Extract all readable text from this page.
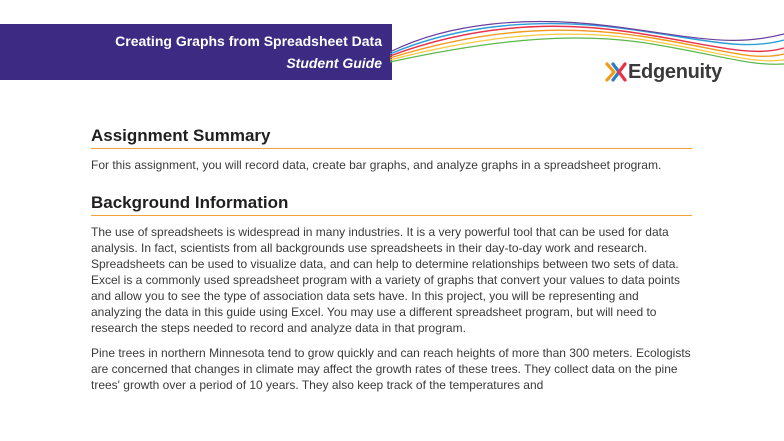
Creating Graphs from Spreadsheet Data
Student Guide	Edgenuity
Assignment Summary

For this assignment, you will record data, create bar graphs, and analyze graphs in a spreadsheet program.

Background Information

The use of spreadsheets is widespread in many industries. It is a very powerful tool that can be used for data analysis. In fact, scientists from all backgrounds use spreadsheets in their day-to-day work and research. Spreadsheets can be used to visualize data, and can help to determine relationships between two sets of data. Excel is a commonly used spreadsheet program with a variety of graphs that convert your values to data points and allow you to see the type of association data sets have. In this project, you will be representing and analyzing the data in this guide using Excel. You may use a different spreadsheet program, but will need to research the steps needed to record and analyze data in that program.

Pine trees in northern Minnesota tend to grow quickly and can reach heights of more than 300 meters. Ecologists are concerned that changes in climate may affect the growth rates of these trees. They collect data on the pine trees' growth over a period of 10 years. They also keep track of the temperatures and
